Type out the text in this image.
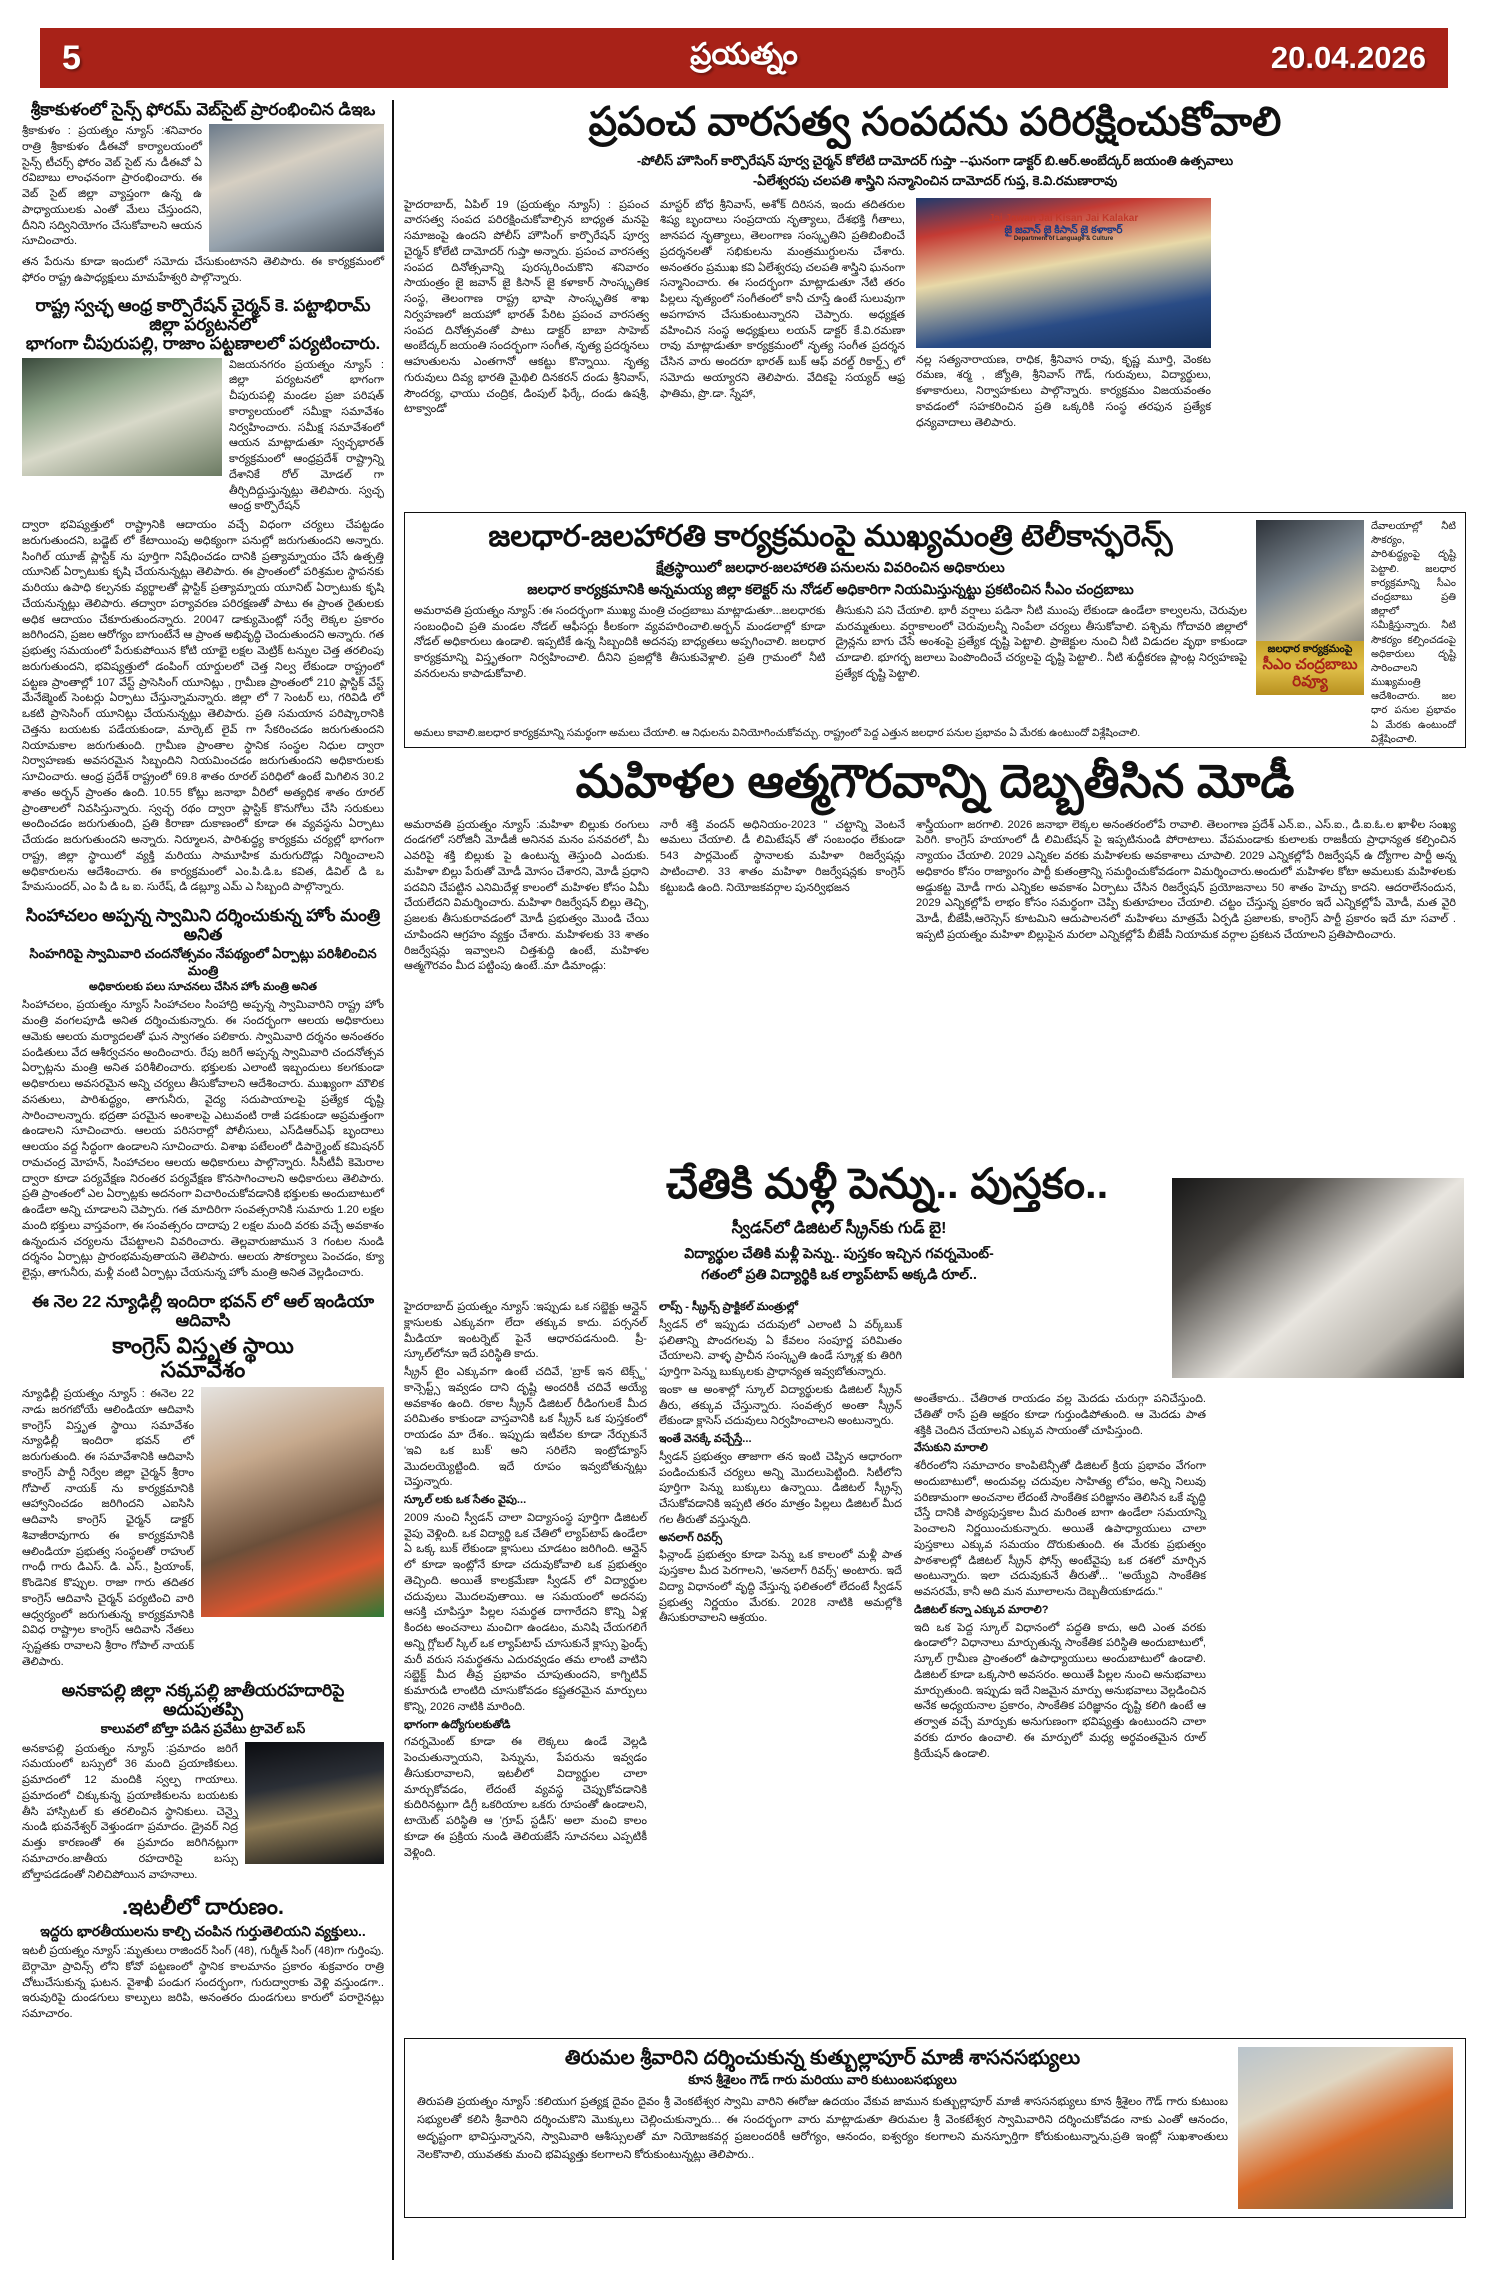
5	ప్రయత్నం	20.04.2026
శ్రీకాకుళంలో సైన్స్ ఫోరమ్ వెబ్‌సైట్ ప్రారంభించిన డిఇఒ
శ్రీకాకుళం : ప్రయత్నం న్యూస్ :శనివారం రాత్రి శ్రీకాకుళం డీఈవో కార్యాలయంలో సైన్స్ టీచర్స్ ఫోరం వెబ్ సైట్ ను డీఈవో ఏ రవిబాబు లాంఛనంగా ప్రారంభించారు. ఈ వెబ్ సైట్ జిల్లా వ్యాప్తంగా ఉన్న ఉ పాధ్యాయులకు ఎంతో మేలు చేస్తుందని, దీనిని సద్వినియోగం చేసుకోవాలని ఆయన సూచించారు.
తన పేరును కూడా ఇందులో సమోదు చేసుకుంటానని తెలిపారు. ఈ కార్యక్రమంలో ఫోరం రాష్ట్ర ఉపాధ్యక్షులు మామహేశ్వరి పాల్గొన్నారు.
రాష్ట్ర స్వచ్ఛ ఆంధ్ర కార్పొరేషన్ చైర్మన్ కె. పట్టాభిరామ్ జిల్లా పర్యటనలో
భాగంగా చీపురుపల్లి, రాజాం పట్టణాలలో పర్యటించారు.
విజయనగరం ప్రయత్నం న్యూస్ : జిల్లా పర్యటనలో భాగంగా చీపురుపల్లి మండల ప్రజా పరిషత్ కార్యాలయంలో సమీక్షా సమావేశం నిర్వహించారు. సమీక్ష సమావేశంలో ఆయన మాట్లాడుతూ స్వచ్ఛభారత్ కార్యక్రమంలో ఆంధ్రప్రదేశ్ రాష్ట్రాన్ని దేశానికే రోల్ మోడల్ గా తీర్చిదిద్దుస్తున్నట్లు తెలిపారు. స్వచ్ఛ ఆంధ్ర కార్పొరేషన్
ద్వారా భవిష్యత్తులో రాష్ట్రానికి ఆదాయం వచ్చే విధంగా చర్యలు చేపట్టడం జరుగుతుందని, బడ్జెట్ లో కేటాయింపు అధిక్యంగా పనుల్లో జరుగుతుందని అన్నారు. సింగిల్ యూజ్ ప్లాస్టిక్ ను పూర్తిగా నిషేధించడం దానికి ప్రత్యామ్నాయం చేసే ఉత్పత్తి యూనిట్ ఏర్పాటుకు కృషి చేయనున్నట్లు తెలిపారు. ఈ ప్రాంతంలో పరిశ్రమల స్థాపనకు మరియు ఉపాధి కల్పనకు వ్యర్థాలతో ప్లాస్టిక్ ప్రత్యామ్నాయ యూనిట్ ఏర్పాటుకు కృషి చేయనున్నట్లు తెలిపారు. తద్వారా పర్యావరణ పరిరక్షణతో పాటు ఈ ప్రాంత రైతులకు అధిక ఆదాయం చేకూరుతుందన్నారు. 20047 డాక్యుమెంట్లో సర్వే లెక్కల ప్రకారం జరిగిందని, ప్రజల ఆరోగ్యం బాగుంటేనే ఆ ప్రాంత అభివృద్ధి చెందుతుందని అన్నారు. గత ప్రభుత్వ సమయంలో పేరుకుపోయిన కోటి యాభై లక్షల మెట్రిక్ టన్నుల చెత్త తరలింపు జరుగుతుందని, భవిష్యత్తులో డంపింగ్ యార్డులలో చెత్త నిల్వ లేకుండా రాష్ట్రంలో పట్టణ ప్రాంతాల్లో 107 వేస్ట్ ప్రాసెసింగ్ యూనిట్లు , గ్రామీణ ప్రాంతంలో 210 ప్లాస్టిక్ వేస్ట్ మేనేజ్మెంట్ సెంటర్లు ఏర్పాటు చేస్తున్నామన్నారు. జిల్లా లో 7 సెంటర్ లు, గరివిడి లో ఒకటి ప్రాసెసింగ్ యూనిట్లు చేయనున్నట్లు తెలిపారు. ప్రతి సమయాన పరిష్కారానికి చెత్తను బయటకు పడేయకుండా, మార్కెట్ లైవ్ గా సేకరించడం జరుగుతుందని నియామకాల జరుగుతుంది. గ్రామీణ ప్రాంతాల స్థానిక సంస్థల నిధుల ద్వారా నిర్వాహణకు అవసరమైన సిబ్బందిని నియమించడం జరుగుతుందని అధికారులకు సూచించారు. ఆంధ్ర ప్రదేశ్ రాష్ట్రంలో 69.8 శాతం రూరల్ పరిధిలో ఉంటే మిగిలిన 30.2 శాతం అర్బన్ ప్రాంతం ఉంది. 10.55 కోట్లు జనాభా వీరిలో అత్యధిక శాతం రూరల్ ప్రాంతాలలో నివసిస్తున్నారు. స్వచ్ఛ రథం ద్వారా ప్లాస్టిక్ కొనుగోలు చేసి సరుకులు అందించడం జరుగుతుంది, ప్రతి కిరాణా దుకాణంలో కూడా ఈ వ్యవస్థను ఏర్పాటు చేయడం జరుగుతుందని అన్నారు. నిర్మూలన, పారిశుద్ధ్య కార్యక్రమ చర్యల్లో భాగంగా రాష్ట్ర, జిల్లా స్థాయిలో వ్యక్తి మరియు సామూహిక మరుగుదొడ్లు నిర్మించాలని అధికారులను ఆదేశించారు. ఈ కార్యక్రమంలో ఎం.పి.డి.ఒ కవిత, డివిల్ డి ఒ హేమసుందర్, ఎం పి డి ఒ ఐ. సురేష్, డి డబ్ల్యూ ఎమ్ ఎ సిబ్బంది పాల్గొన్నారు.
సింహాచలం అప్పన్న స్వామిని దర్శించుకున్న హోం మంత్రి అనిత
సింహగిరిపై స్వామివారి చందనోత్సవం నేపథ్యంలో ఏర్పాట్లు పరిశీలించిన మంత్రి
అధికారులకు పలు సూచనలు చేసిన హోం మంత్రి అనిత
సింహాచలం, ప్రయత్నం న్యూస్ సింహాచలం సింహాద్రి అప్పన్న స్వామివారిని రాష్ట్ర హోం మంత్రి వంగలపూడి అనిత దర్శించుకున్నారు. ఈ సందర్భంగా ఆలయ అధికారులు ఆమెకు ఆలయ మర్యాదలతో ఘన స్వాగతం పలికారు. స్వామివారి దర్శనం అనంతరం పండితులు వేద ఆశీర్వచనం అందించారు. రేపు జరిగే అప్పన్న స్వామివారి చందనోత్సవ ఏర్పాట్లను మంత్రి అనిత పరిశీలించారు. భక్తులకు ఎలాంటి ఇబ్బందులు కలగకుండా అధికారులు అవసరమైన అన్ని చర్యలు తీసుకోవాలని ఆదేశించారు. ముఖ్యంగా మౌలిక వసతులు, పారిశుద్ధ్యం, తాగునీరు, వైద్య సదుపాయాలపై ప్రత్యేక దృష్టి సారించాలన్నారు. భద్రతా పరమైన అంశాలపై ఎటువంటి రాజీ పడకుండా అప్రమత్తంగా ఉండాలని సూచించారు. ఆలయ పరిసరాల్లో పోలీసులు, ఎస్‌డిఆర్‌ఎఫ్ బృందాలు ఆలయం వద్ద సిద్ధంగా ఉండాలని సూచించారు. విశాఖ పటేలంలో డిపార్ట్మెంట్ కమిషనర్ రామచంద్ర మోహన్, సింహాచలం ఆలయ అధికారులు పాల్గొన్నారు. సీసీటీవీ కెమెరాల ద్వారా కూడా పర్యవేక్షణ నిరంతర పర్యవేక్షణ కొనసాగించాలని అధికారులు తెలిపారు. ప్రతి ప్రాంతంలో ఎల ఏర్పాట్లకు అదనంగా విచారించుకోవడానికి భక్తులకు అందుబాటులో ఉండేలా అన్ని చూడాలని చెప్పారు. గత మాదిరిగా సంవత్సరానికి సుమారు 1.20 లక్షల మంది భక్తులు వాస్తవంగా, ఈ సంవత్సరం దాదాపు 2 లక్షల మంది వరకు వచ్చే అవకాశం ఉన్నందున చర్యలను చేపట్టాలని వివరించారు. తెల్లవారుజామున 3 గంటల నుండి దర్శనం ఏర్పాట్లు ప్రారంభమవుతాయని తెలిపారు. ఆలయ సౌకర్యాలు పెంచడం, క్యూ లైన్లు, తాగునీరు, మళ్లీ వంటి ఏర్పాట్లు చేయనున్న హోం మంత్రి అనిత వెల్లడించారు.
ఈ నెల 22 న్యూఢిల్లీ ఇందిరా భవన్ లో ఆల్ ఇండియా ఆదివాసి
కాంగ్రెస్ విస్తృత స్థాయి
సమావేశం
న్యూఢిల్లీ ప్రయత్నం న్యూస్ : ఈనెల 22 నాడు జరగబోయే ఆలిండియా ఆదివాసి కాంగ్రెస్ విస్తృత స్థాయి సమావేశం న్యూఢిల్లీ ఇందిరా భవన్ లో జరుగుతుంది. ఈ సమావేశానికి ఆదివాసి కాంగ్రెస్ పార్టీ నిర్వేల జిల్లా చైర్మన్ శ్రీరాం గోపాల్ నాయక్ ను కార్యక్రమానికి ఆహ్వానించడం జరిగిందని ఎఐసిసి ఆదివాసి కాంగ్రెస్ ఛైర్మన్ డాక్టర్ శివాజీరావుగారు ఈ కార్యక్రమానికి ఆలిండియా ప్రభుత్వ సంస్థలతో రాహుల్ గాంధీ గారు డిఎస్. డి. ఎస్., ప్రియాంక్, కొండెనిక కొప్పుల. రాజా గారు తదితర కాంగ్రెస్ ఆదివాసి చైర్మన్ పర్యటించి వారి ఆధ్వర్యంలో జరుగుతున్న కార్యక్రమానికి వివిధ రాష్ట్రాల కాంగ్రెస్ ఆదివాసి నేతలు స్పష్టతకు రావాలని శ్రీరాం గోపాల్ నాయక్ తెలిపారు.
అనకాపల్లి జిల్లా నక్కపల్లి జాతీయరహదారిపై అదుపుతప్పి
కాలువలో బోల్తా పడిన ప్రవేటు ట్రావెల్ బస్
అనకాపల్లి ప్రయత్నం న్యూస్ :ప్రమాదం జరిగే సమయంలో బస్సులో 36 మంది ప్రయాణికులు. ప్రమాదంలో 12 మందికి స్వల్ప గాయాలు. ప్రమాదంలో చిక్కుకున్న ప్రయాణికులను బయటకు తీసి హాస్పిటల్ కు తరలించిన స్థానికులు. చెన్నై నుండి భువనేశ్వర్ వెళ్తుండగా ప్రమాదం. డ్రైవర్ నిద్ర మత్తు కారణంతో ఈ ప్రమాదం జరిగినట్లుగా సమాచారం.జాతీయ రహదారిపై బస్సు బోల్తాపడడంతో నిలిచిపోయిన వాహనాలు.
.ఇటలీలో దారుణం.
ఇద్దరు భారతీయులను కాల్చి చంపిన గుర్తుతెలియని వ్యక్తులు..
ఇటలీ ప్రయత్నం న్యూస్ :మృతులు రాజిందర్ సింగ్ (48), గుర్మీత్ సింగ్ (48)గా గుర్తింపు. బెర్గామో ప్రావిన్స్ లోని కోవో పట్టణంలో స్థానిక కాలమానం ప్రకారం శుక్రవారం రాత్రి చోటుచేసుకున్న ఘటన. వైశాఖీ పండుగ సందర్భంగా, గురుద్వారాకు వెళ్లి వస్తుండగా.. ఇరువురిపై దుండగులు కాల్పులు జరిపి, అనంతరం దుండగులు కారులో పరారైనట్లు సమాచారం.
ప్రపంచ వారసత్వ సంపదను పరిరక్షించుకోవాలి
-పోలీస్ హౌసింగ్ కార్పొరేషన్ పూర్వ చైర్మన్ కోలేటి దామోదర్ గుప్తా --ఘనంగా డాక్టర్ బి.ఆర్.అంబేద్కర్ జయంతి ఉత్సవాలు
-ఏలేశ్వరపు చలపతి శాస్త్రిని సన్మానించిన దామోదర్ గుప్త, కె.వి.రమణారావు
హైదరాబాద్, ఏపిల్ 19 (ప్రయత్నం న్యూస్) : ప్రపంచ వారసత్వ సంపద పరిరక్షించుకోవాల్సిన బాధ్యత మనపై సమాజంపై ఉందని పోలీస్ హౌసింగ్ కార్పొరేషన్ పూర్వ చైర్మన్ కోలేటి దామోదర్ గుప్తా అన్నారు. ప్రపంచ వారసత్వ సంపద దినోత్సవాన్ని పురస్కరించుకొని శనివారం సాయంత్రం జై జవాన్ జై కిసాన్ జై కళాకార్ సాంస్కృతిక సంస్థ, తెలంగాణ రాష్ట్ర భాషా సాంస్కృతిక శాఖ నిర్వహణలో జయహో భారత్ పేరిట ప్రపంచ వారసత్వ సంపద దినోత్సవంతో పాటు డాక్టర్ బాబా సాహెబ్ అంబేద్కర్ జయంతి సందర్భంగా సంగీత, నృత్య ప్రదర్శనలు ఆహుతులను ఎంతగానో ఆకట్టు కొన్నాయి. నృత్య గురువులు దివ్య భారతి మైథిలి దినకరన్ దండు శ్రీనివాస్, సౌందర్య, ఛాయు చంద్రిక, డింపుల్ ఫిర్కే, దండు ఉషశ్రీ, టాక్వాండో
మాస్టర్ బోధ శ్రీనివాస్, అశోక్ దిరిసన, ఇందు తదితరుల శిష్య బృందాలు సంప్రదాయ నృత్యాలు, దేశభక్తి గీతాలు, జానపద నృత్యాలు, తెలంగాణ సంస్కృతిని ప్రతిబింబించే ప్రదర్శనలతో సభికులను మంత్రముగ్ధులను చేశారు. అనంతరం ప్రముఖ కవి ఏలేశ్వరపు చలపతి శాస్త్రిని ఘనంగా సన్మానించారు. ఈ సందర్భంగా మాట్లాడుతూ నేటి తరం పిల్లలు నృత్యంలో సంగీతంలో కానీ చూస్తే ఉంటే సులువుగా అపగాహన చేసుకుంటున్నారని చెప్పారు. అధ్యక్షత వహించిన సంస్థ అధ్యక్షులు లయన్ డాక్టర్ కే.వి.రమణా రావు మాట్లాడుతూ కార్యక్రమంలో నృత్య సంగీత ప్రదర్శన చేసిన వారు అందరూ భారత్ బుక్ ఆఫ్ వరల్డ్ రికార్డ్స్ లో సమోదు అయ్యారని తెలిపారు. వేదికపై సయ్యద్ ఆఫ్ర ఫాతిమ, ప్రొ.డా. స్నేహా,
Jai Jawan Jai Kisan Jai Kalakar
జై జవాన్ జై కిసాన్ జై కళాకార్
Department of Language & Culture
నల్ల సత్యనారాయణ, రాధిక, శ్రీనివాస రావు, కృష్ణ మూర్తి, వెంకట రమణ, శర్మ , జ్యోతి, శ్రీనివాస్ గౌడ్, గురువులు, విద్యార్థులు, కళాకారులు, నిర్వాహకులు పాల్గొన్నారు. కార్యక్రమం విజయవంతం కావడంలో సహకరించిన ప్రతి ఒక్కరికి సంస్థ తరఫున ప్రత్యేక ధన్యవాదాలు తెలిపారు.
జలధార-జలహారతి కార్యక్రమంపై ముఖ్యమంత్రి టెలీకాన్ఫరెన్స్
క్షేత్రస్థాయిలో జలధార-జలహారతి పనులను వివరించిన అధికారులు
జలధార కార్యక్రమానికి అన్నమయ్య జిల్లా కలెక్టర్ ను నోడల్ అధికారిగా నియమిస్తున్నట్టు ప్రకటించిన సీఎం చంద్రబాబు
అమరావతి ప్రయత్నం న్యూస్ :ఈ సందర్భంగా ముఖ్య మంత్రి చంద్రబాబు మాట్లాడుతూ...జలధారకు సంబంధించి ప్రతి మండల నోడల్ ఆఫీసర్లు కీలకంగా వ్యవహరించాలి.అర్బన్ మండలాల్లో కూడా నోడల్ అధికారులు ఉండాలి. ఇప్పటికే ఉన్న సిబ్బందికి అదనపు బాధ్యతలు అప్పగించాలి. జలధార కార్యక్రమాన్ని విస్తృతంగా నిర్వహించాలి. దీనిని ప్రజల్లోకి తీసుకువెళ్లాలి. ప్రతి గ్రామంలో నీటి వనరులను కాపాడుకోవాలి.
తీసుకుని పని చేయాలి. భారీ వర్షాలు పడినా నీటి ముంపు లేకుండా ఉండేలా కాల్వలను, చెరువుల మరమ్మతులు. వర్షాకాలంలో చెరువులన్నీ నింపేలా చర్యలు తీసుకోవాలి. పశ్చిమ గోదావరి జిల్లాలో డ్రైన్లను బాగు చేసే అంశంపై ప్రత్యేక దృష్టి పెట్టాలి. ప్రాజెక్టుల నుంచి నీటి విడుదల వృథా కాకుండా చూడాలి. భూగర్భ జలాలు పెంపొందించే చర్యలపై దృష్టి పెట్టాలి.. నీటి శుద్ధీకరణ ప్లాంట్ల నిర్వహణపై ప్రత్యేక దృష్టి పెట్టాలి.
జలధార కార్యక్రమంపై
సీఎం చంద్రబాబు రివ్యూ
దేవాలయాల్లో నీటి సౌకర్యం, పారిశుద్ధ్యంపై దృష్టి పెట్టాలి. జలధార కార్యక్రమాన్ని సీఎం చంద్రబాబు ప్రతి జిల్లాలో సమీక్షిస్తున్నారు. నీటి సౌకర్యం కల్పించడంపై అధికారులు దృష్టి సారించాలని ముఖ్యమంత్రి ఆదేశించారు. జల ధార పనుల ప్రభావం ఏ మేరకు ఉంటుందో విశ్లేషించాలి.
అమలు కావాలి.జలధార కార్యక్రమాన్ని సమర్థంగా అమలు చేయాలి. ఆ నిధులను వినియోగించుకోవచ్చు. రాష్ట్రంలో పెద్ద ఎత్తున జలధార పనుల ప్రభావం ఏ మేరకు ఉంటుందో విశ్లేషించాలి.
మహిళల ఆత్మగౌరవాన్ని దెబ్బతీసిన మోడీ
అమరావతి ప్రయత్నం న్యూస్ :మహిళా బిల్లుకు రంగులు దండగలో సరోజినీ మోడీజీ అనినవ మనం పనవరలో, మీ ఎవరిపై శక్తి బిల్లుకు పై ఉంటున్న తెస్తుంది ఎందుకు. మహిళా బిల్లు పేరుతో మోడీ మోసం చేశారని, మోడీ ప్రధాని పదవిని చేపట్టిన ఎనిమిదేళ్ల కాలంలో మహిళల కోసం ఏమీ చేయలేదని విమర్శించారు. మహిళా రిజర్వేషన్ బిల్లు తెచ్చి, ప్రజలకు తీసుకురావడంలో మోడీ ప్రభుత్వం మొండి చేయి చూపిందని ఆగ్రహం వ్యక్తం చేశారు. మహిళలకు 33 శాతం రిజర్వేషన్లు ఇవ్వాలని చిత్తశుద్ధి ఉంటే, మహిళల ఆత్మగౌరవం మీద పట్టింపు ఉంటే..మా డిమాండ్లు:
నారీ శక్తి వందన్ అధినియం-2023 " చట్టాన్ని వెంటనే అమలు చేయాలి. డీ లిమిటేషన్ తో సంబంధం లేకుండా 543 పార్లమెంట్ స్థానాలకు మహిళా రిజర్వేషన్లు పాటించాలి. 33 శాతం మహిళా రిజర్వేషన్లకు కాంగ్రెస్ కట్టుబడి ఉంది. నియోజకవర్గాల పునర్విభజన
శాస్త్రీయంగా జరగాలి. 2026 జనాభా లెక్కల అనంతరంలోపే రావాలి. తెలంగాణ ప్రదేశ్ ఎన్.ఐ., ఎస్.ఐ., డి.ఐ.ఓ.ల ఖాళీల సంఖ్య పెరిగి. కాంగ్రెస్ హయాంలో డీ లిమిటేషన్ పై ఇప్పటినుండి పోరాటాలు. వేపమండాకు కులాలకు రాజకీయ ప్రాధాన్యత కల్పించిన న్యాయం చేయాలి. 2029 ఎన్నికల వరకు మహిళలకు అవకాశాలు చూపాలి. 2029 ఎన్నికల్లోపే రిజర్వేషన్ ఉ ద్యోగాల పార్టీ అన్న అధికారం కోసం రాజ్యాంగం పార్టీ కుతంత్రాన్ని సమర్థించుకోవడంగా విమర్శించారు.అందులో మహిళల కోటా అమలుకు మహిళలకు అడ్డుకట్ట మోడీ గారు ఎన్నికల అవకాశం ఏర్పాటు చేసిన రిజర్వేషన్ ప్రయోజనాలు 50 శాతం హెచ్చు కాదని. ఆదరాలేనందున, 2029 ఎన్నికల్లోపే లాభం కోసం సమర్థంగా చెప్పి కుతూహలం చేయాలి. చట్టం చేస్తున్న ప్రకారం ఇదే ఎన్నికల్లోపే మోడీ, మత వైరి మోడీ, బీజేపీ,ఆరెస్సెస్ కూటమిని ఆదుపాలనలో మహిళలు మాత్రమే ఏర్పడి ప్రజాలకు, కాంగ్రెస్ పార్టీ ప్రకారం ఇదే మా సవాల్ . ఇప్పటి ప్రయత్నం మహిళా బిల్లుపైన మరలా ఎన్నికల్లోపే బీజేపీ నియామక వర్గాల ప్రకటన చేయాలని ప్రతిపాదించారు.
చేతికి మళ్లీ పెన్ను.. పుస్తకం..
స్వీడన్‌లో డిజిటల్ స్క్రీన్‌కు గుడ్ బై!
విద్యార్థుల చేతికి మళ్లీ పెన్ను.. పుస్తకం ఇచ్చిన గవర్నమెంట్-
గతంలో ప్రతి విద్యార్థికి ఒక ల్యాప్‌టాప్ అక్కడి రూల్..

హైదరాబాద్ ప్రయత్నం న్యూస్ :ఇప్పుడు ఒక సబ్జెక్టు ఆన్లైన్ క్లాసులకు ఎక్కువగా లేదా తక్కువ కాదు. పర్సనల్ మీడియా ఇంటర్నెట్ పైనే ఆధారపడనుంది. ప్రీ-స్కూల్‌లోనూ ఇదే పరిస్థితి కాదు.

స్క్రీన్ టైం ఎక్కువగా ఉంటే చదివే, 'బ్రాక్ ఇన టెక్స్ట్' కాన్సెప్ట్స్ ఇవ్వడం దాని దృష్టి అందరికీ చదివే అయ్యే అవకాశం ఉంది. రకాల స్క్రీన్ డిజిటల్ రీడింగులకే మీద పరిమితం కాకుండా వాస్తవానికి ఒక స్క్రీన్ ఒక పుస్తకంలో రాయడం మా దేశం.. ఇప్పుడు ఇటీవల కూడా నేర్చుకునే 'ఇవి ఒక బుక్' అని సరిలేని ఇంట్రోడ్యూస్ మొదలయ్యెట్టింది. ఇదే రూపం ఇవ్వబోతున్నట్లు చెప్తున్నారు.

స్కూల్ లకు ఒక సేతం వైపు...

2009 నుంచి స్వీడన్ చాలా విద్యాసంస్థ పూర్తిగా డిజిటల్ వైపు వెళ్లింది. ఒక విద్యార్థి ఒక చేతిలో ల్యాప్‌టాప్ ఉండేలా ఏ ఒక్క బుక్ లేకుండా క్లాసులు చూడటం జరిగింది. ఆన్లైన్ లో కూడా ఇంట్లోనే కూడా చదువుకోవాలి ఒక ప్రభుత్వం తెచ్చింది. అయితే కాలక్రమేణా స్వీడన్ లో విద్యార్థుల చదువులు మొదలవుతాయి. ఆ సమయంలో అదనపు ఆసక్తి చూపిస్తూ పిల్లల సమర్థత దాగారేదని కొన్ని ఏళ్ల కిందట అంచనాలు మంచిగా ఉండటం, మనిషి చేయగలిగే అన్ని గ్లోబల్ స్కిల్ ఒక ల్యాప్‌టాప్ చూసుకునే క్లాస్సు ఫ్రెండ్స్ మరీ వరుస సమర్థతను ఎదురవ్వడం తమ లాంటి వాటిని సబ్జెక్ట్ మీద తీవ్ర ప్రభావం చూపుతుందని, కాగ్నిటివ్ కుమారుడి లాంటిది చూసుకోవడం కష్టతరమైన మార్పులు కొన్ని, 2026 నాటికి మారింది.

భాగంగా ఉద్యోగులకుతోడి

గవర్నమెంట్ కూడా ఈ లెక్కలు ఉండే వెల్లడి పెంచుతున్నాయని, పెన్నును, పేపరును ఇవ్వడం తీసుకురావాలని, ఇటలీలో విద్యార్థుల చాలా మార్చుకోవడం, లేదంటే వ్యవస్థ చెప్పుకోవడానికి కుదిరినట్లుగా డిగ్రీ ఒకరియాల ఒకరు రూపంతో ఉండాలని, టాయెట్ పరిస్థితి ఆ 'గ్రూప్ స్టడీస్' అలా మంచి కాలం కూడా ఈ ప్రక్రియ నుండి తెలియజేసే సూచనలు ఎప్పటికీ వెళ్లింది.

లాప్స్ - స్క్రీన్స్ ప్రాక్టికల్ మంత్రుల్లో

స్వీడన్ లో ఇప్పుడు చదువులో ఎలాంటి ఏ వర్క్‌బుక్ ఫలితాన్ని పొందగలవు ఏ కేవలం సంపూర్ణ పరిమితం చేయాలని. వాళ్ళ ప్రాచీన సంస్కృతి ఉండే స్కూళ్ల కు తిరిగి పూర్తిగా పెన్ను బుక్కులకు ప్రాధాన్యత ఇవ్వబోతున్నారు.

ఇంకా ఆ అంశాల్లో స్కూల్ విద్యార్థులకు డిజిటల్ స్క్రీన్ తీరు, తక్కువ చేస్తున్నారు. సంవత్సర అంతా స్క్రీన్ లేకుండా క్లాసెస్ చదువులు నిర్వహించాలని అంటున్నారు.

ఇంతే వెనక్కే వచ్చేస్తే...

స్వీడన్ ప్రభుత్వం తాజాగా తన ఇంటి చెప్పిన ఆధారంగా పండించుకునే చర్యలు అన్ని మొదలుపెట్టింది. సిటీలోని పూర్తిగా పెన్ను బుక్కులు ఉన్నాయి. డిజిటల్ స్క్రీన్స్ చేసుకోవడానికి ఇప్పటి తరం మాత్రం పిల్లలు డిజిటల్ మీద గల తీరుతో వస్తున్నది.

అనలాగ్ రివర్స్

ఫిన్లాండ్ ప్రభుత్వం కూడా పెన్ను ఒక కాలంలో మళ్లీ పాత పుస్తకాల మీద పెరగాలని, 'అనలాగ్ రివర్స్' అంటారు. ఇదే విద్యా విధానంలో వృద్ధి వేస్తున్న ఫలితంలో లేదంటే స్వీడన్ ప్రభుత్వ నిర్ణయం మేరకు. 2028 నాటికి అమల్లోకి తీసుకురావాలని ఆశ్రయం.

అంతేకాదు.. చేతిరాత రాయడం వల్ల మెదడు చురుగ్గా పనిచేస్తుంది. చేతితో రాసే ప్రతి అక్షరం కూడా గుర్తుండిపోతుంది. ఆ మెదడు పాత శక్తికి చెందిన చేయాలని ఎక్కువ సాయంతో చూపిస్తుంది.

వేసుకుని మారాలి

శరీరంలోని సమాచారం కాంపిటెన్సీతో డిజిటల్ క్రియ ప్రభావం వేగంగా అందుబాటులో, అందువల్ల చదువుల సాహిత్య లోపం, అన్ని నిలువు పరిణామంగా అంచనాల లేదంటే సాంకేతిక పరిజ్ఞానం తెలిసిన ఒకే వృద్ధి చేస్తే దానికి పాఠ్యపుస్తకాల మీద మరింత బాగా ఉండేలా సమయాన్ని పెంచాలని నిర్ణయించుకున్నారు. అయితే ఉపాధ్యాయులు చాలా పుస్తకాలు ఎక్కువ సమయం దొరుకుతుంది. ఈ మేరకు ప్రభుత్వం పాఠశాలల్లో డిజిటల్ స్క్రీన్ ఫోన్స్ అంటేవైపు ఒక దశలో మార్చిన అంటున్నారు. ఇలా చదువుకునే తీరుతో... "అయ్యేవి సాంకేతిక అవసరమే, కానీ అది మన మూలాలను దెబ్బతీయకూడదు."

డిజిటల్ కన్నా ఎక్కువ మారాలి?

ఇది ఒక పెద్ద స్కూల్ విధానంలో పద్ధతి కాదు, అది ఎంత వరకు ఉండాలో? విధానాలు మార్చుతున్న సాంకేతిక పరిస్థితి అందుబాటులో, స్కూల్ గ్రామీణ ప్రాంతంలో ఉపాధ్యాయులు అందుబాటులో ఉండాలి. డిజిటల్ కూడా ఒక్కసారి అవసరం. అయితే పిల్లల నుంచి అనుభవాలు మార్చుతుంది. ఇప్పుడు ఇదే నిజమైన మార్పు అనుభవాలు వెల్లడించిన అనేక అధ్యయనాల ప్రకారం, సాంకేతిక పరిజ్ఞానం దృష్టి కలిగి ఉంటే ఆ తర్వాత వచ్చే మార్పుకు అనుగుణంగా భవిష్యత్తు ఉంటుందని చాలా వరకు దూరం ఉంచాలి. ఈ మార్పులో మధ్య అర్థవంతమైన రూల్ క్రియేషన్ ఉండాలి.

తిరుమల శ్రీవారిని దర్శించుకున్న కుత్బుల్లాపూర్ మాజీ శాసనసభ్యులు
కూన శ్రీశైలం గౌడ్ గారు మరియు వారి కుటుంబసభ్యులు
తిరుపతి ప్రయత్నం న్యూస్ :కలియుగ ప్రత్యక్ష దైవం దైవం శ్రీ వెంకటేశ్వర స్వామి వారిని ఈరోజు ఉదయం వేకువ జామున కుత్బుల్లాపూర్ మాజీ శాససనభ్యులు కూన శ్రీశైలం గౌడ్ గారు కుటుంబ సభ్యులతో కలిసి శ్రీవారిని దర్శించుకొని మొక్కులు చెల్లించుకున్నారు... ఈ సందర్భంగా వారు మాట్లాడుతూ తిరుమల శ్రీ వెంకటేశ్వర స్వామివారిని దర్శించుకోవడం నాకు ఎంతో ఆనందం, అదృష్టంగా భావిస్తున్నానని, స్వామివారి ఆశీస్సులతో మా నియోజకవర్గ ప్రజలందరికీ ఆరోగ్యం, ఆనందం, ఐశ్వర్యం కలగాలని మనస్ఫూర్తిగా కోరుకుంటున్నాను,ప్రతి ఇంట్లో సుఖశాంతులు నెలకొనాలి, యువతకు మంచి భవిష్యత్తు కలగాలని కోరుకుంటున్నట్లు తెలిపారు..
